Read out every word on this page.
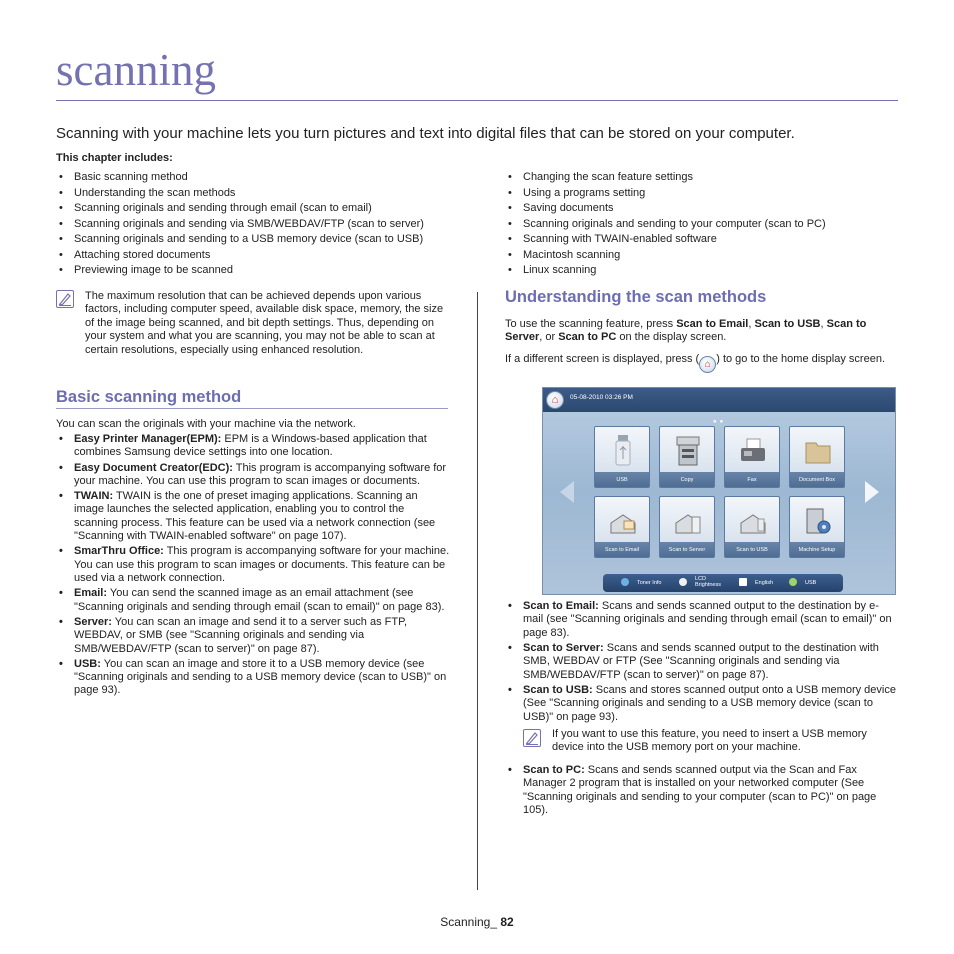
scanning
Scanning with your machine lets you turn pictures and text into digital files that can be stored on your computer.
This chapter includes:
• Basic scanning method
• Understanding the scan methods
• Scanning originals and sending through email (scan to email)
• Scanning originals and sending via SMB/WEBDAV/FTP (scan to server)
• Scanning originals and sending to a USB memory device (scan to USB)
• Attaching stored documents
• Previewing image to be scanned
• Changing the scan feature settings
• Using a programs setting
• Saving documents
• Scanning originals and sending to your computer (scan to PC)
• Scanning with TWAIN-enabled software
• Macintosh scanning
• Linux scanning
The maximum resolution that can be achieved depends upon various factors, including computer speed, available disk space, memory, the size of the image being scanned, and bit depth settings. Thus, depending on your system and what you are scanning, you may not be able to scan at certain resolutions, especially using enhanced resolution.
Basic scanning method
You can scan the originals with your machine via the network.
• Easy Printer Manager(EPM): EPM is a Windows-based application that combines Samsung device settings into one location.
• Easy Document Creator(EDC): This program is accompanying software for your machine. You can use this program to scan images or documents.
• TWAIN: TWAIN is the one of preset imaging applications. Scanning an image launches the selected application, enabling you to control the scanning process. This feature can be used via a network connection (see "Scanning with TWAIN-enabled software" on page 107).
• SmarThru Office: This program is accompanying software for your machine. You can use this program to scan images or documents. This feature can be used via a network connection.
• Email: You can send the scanned image as an email attachment (see "Scanning originals and sending through email (scan to email)" on page 83).
• Server: You can scan an image and send it to a server such as FTP, WEBDAV, or SMB (see "Scanning originals and sending via SMB/WEBDAV/FTP (scan to server)" on page 87).
• USB: You can scan an image and store it to a USB memory device (see "Scanning originals and sending to a USB memory device (scan to USB)" on page 93).
Understanding the scan methods
To use the scanning feature, press Scan to Email, Scan to USB, Scan to Server, or Scan to PC on the display screen.
If a different screen is displayed, press ( ⌂ ) to go to the home display screen.
⌂	05-08-2010 03:26 PM
●●
USB	Copy	Fax	Document Box
Scan to Email	Scan to Server	Scan to USB	Machine Setup
Toner Info
LCD Brightness	English	USB
• Scan to Email: Scans and sends scanned output to the destination by e-mail (see "Scanning originals and sending through email (scan to email)" on page 83).
• Scan to Server: Scans and sends scanned output to the destination with SMB, WEBDAV or FTP (See "Scanning originals and sending via SMB/WEBDAV/FTP (scan to server)" on page 87).
• Scan to USB: Scans and stores scanned output onto a USB memory device (See "Scanning originals and sending to a USB memory device (scan to USB)" on page 93).
If you want to use this feature, you need to insert a USB memory device into the USB memory port on your machine.
• Scan to PC: Scans and sends scanned output via the Scan and Fax Manager 2 program that is installed on your networked computer (See "Scanning originals and sending to your computer (scan to PC)" on page 105).
Scanning_ 82
